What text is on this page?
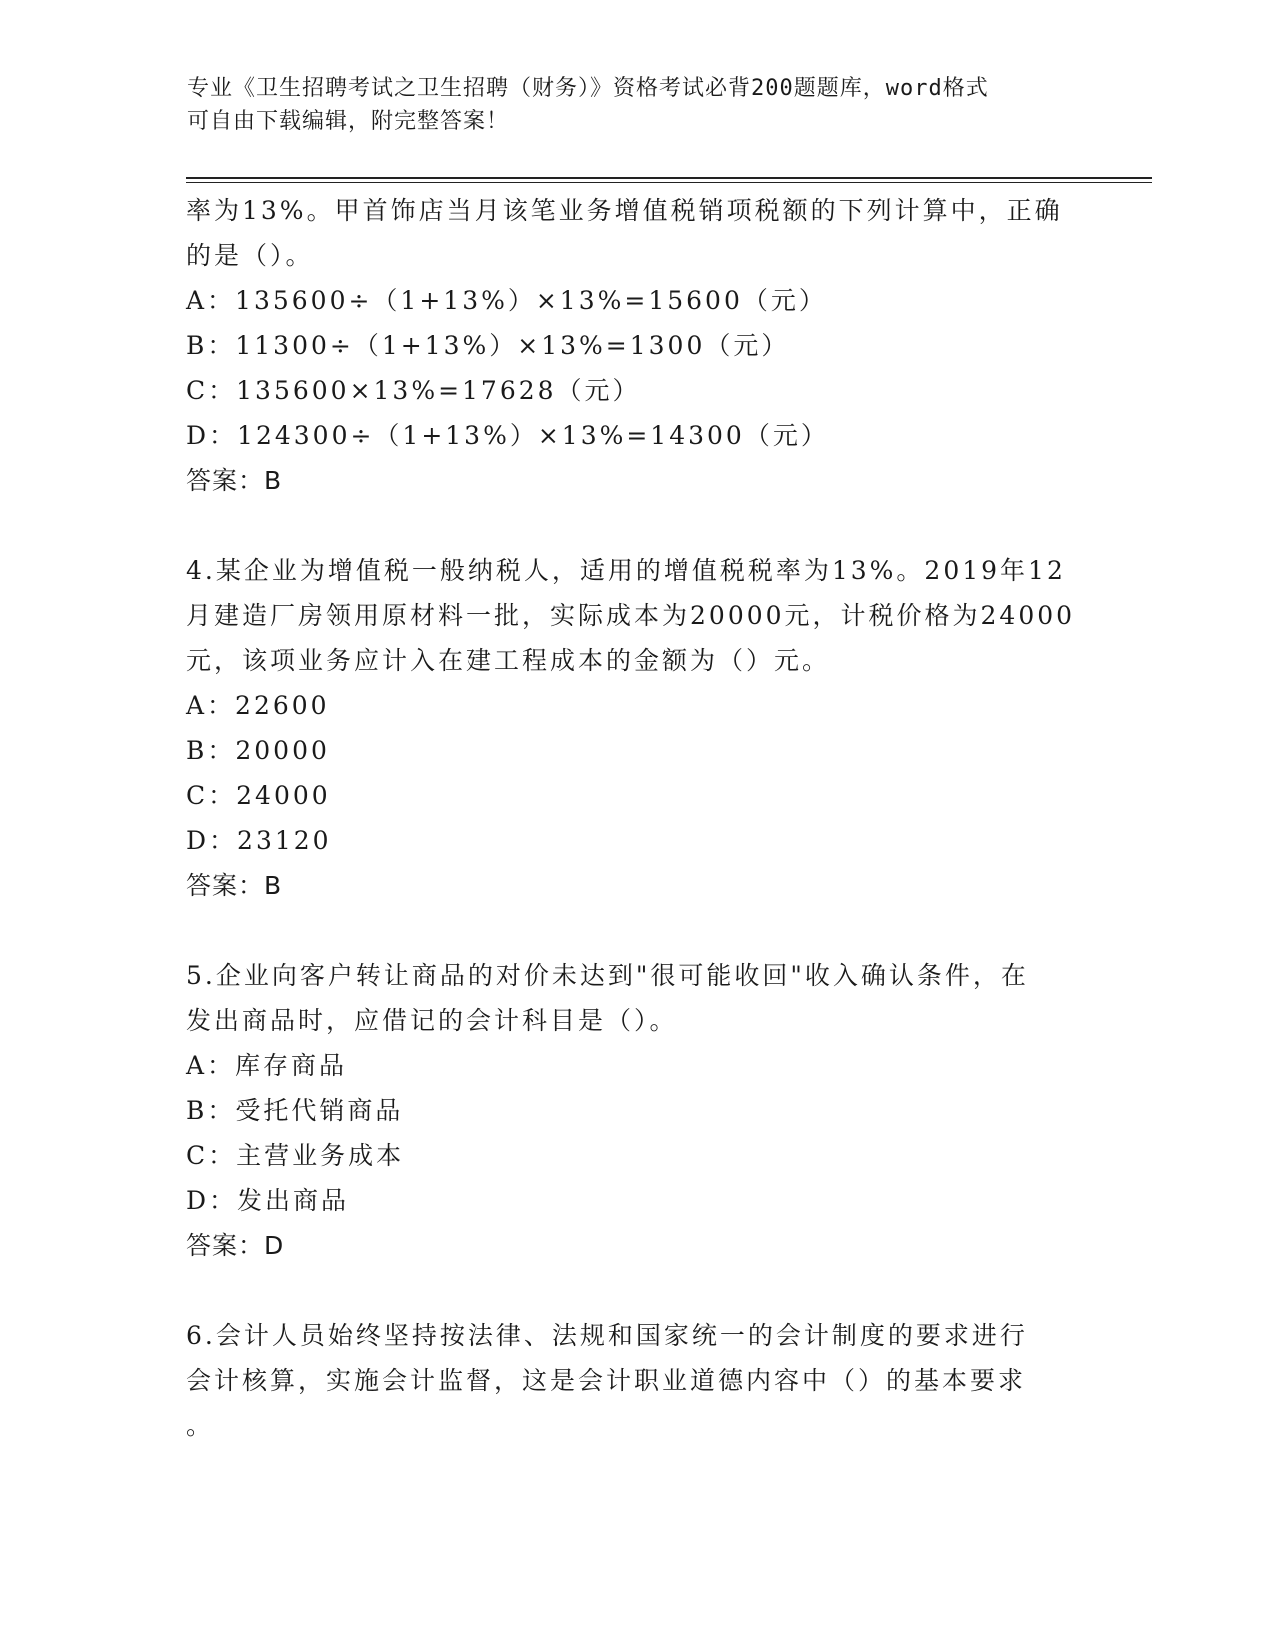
专业《卫生招聘考试之卫生招聘（财务）》资格考试必背200题题库，word格式
可自由下载编辑，附完整答案！
率为13%。甲首饰店当月该笔业务增值税销项税额的下列计算中，正确
的是（）。
A：135600÷（1+13%）×13%=15600（元）
B：11300÷（1+13%）×13%=1300（元）
C：135600×13%=17628（元）
D：124300÷（1+13%）×13%=14300（元）
答案：B
4.某企业为增值税一般纳税人，适用的增值税税率为13%。2019年12
月建造厂房领用原材料一批，实际成本为20000元，计税价格为24000
元，该项业务应计入在建工程成本的金额为（）元。
A：22600
B：20000
C：24000
D：23120
答案：B
5.企业向客户转让商品的对价未达到"很可能收回"收入确认条件，在
发出商品时，应借记的会计科目是（）。
A：库存商品
B：受托代销商品
C：主营业务成本
D：发出商品
答案：D
6.会计人员始终坚持按法律、法规和国家统一的会计制度的要求进行
会计核算，实施会计监督，这是会计职业道德内容中（）的基本要求
。
